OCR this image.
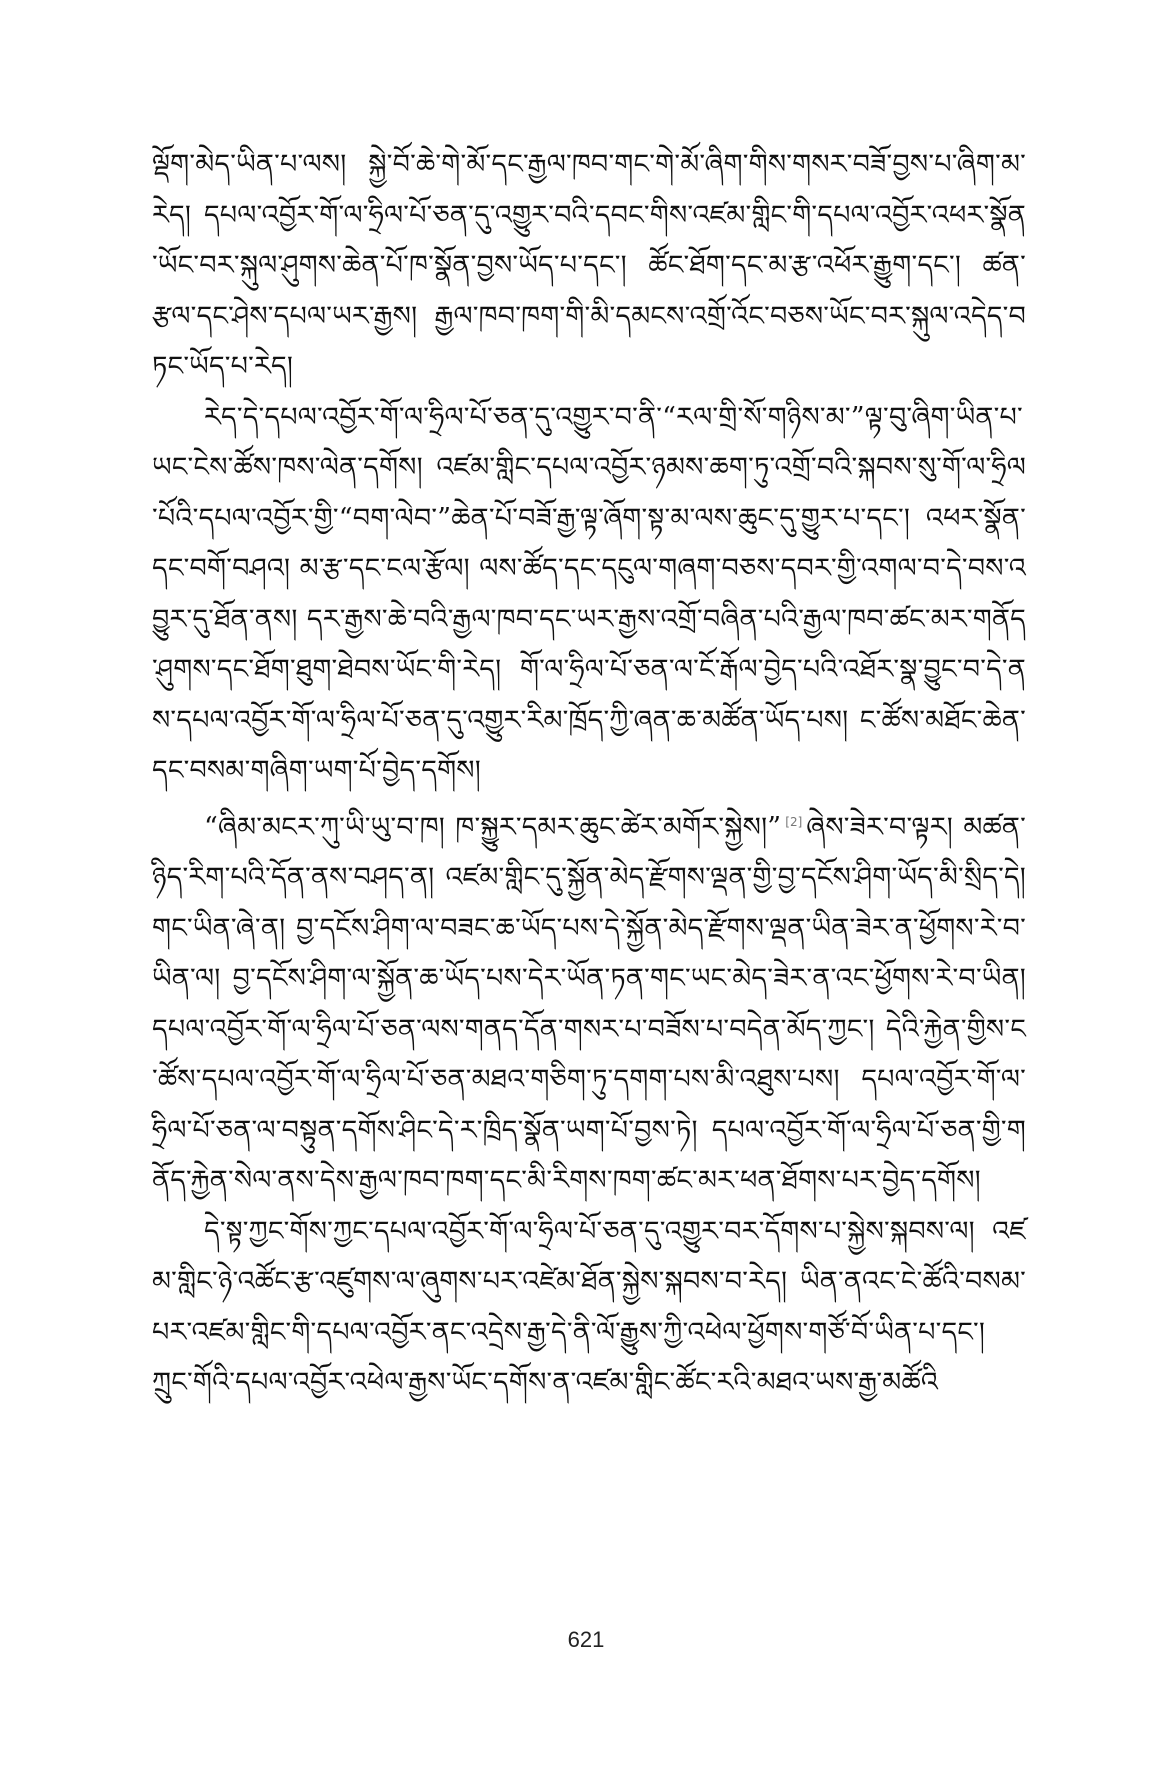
ལྡོག་མེད་ཡིན་པ་ལས། སྐྱེ་བོ་ཆེ་གེ་མོ་དང་རྒྱལ་ཁབ་གང་གེ་མོ་ཞིག་གིས་གསར་བཟོ་བྱས་པ་ཞིག་མ་རེད། དཔལ་འབྱོར་གོ་ལ་ཧྲིལ་པོ་ཅན་དུ་འགྱུར་བའི་དབང་གིས་འཛམ་གླིང་གི་དཔལ་འབྱོར་འཕར་སྣོན་ཡོང་བར་སྐུལ་ཤུགས་ཆེན་པོ་ཁ་སྣོན་བྱས་ཡོད་པ་དང་། ཚོང་ཐོག་དང་མ་རྩ་འཕོར་རྒྱུག་དང་། ཚན་རྩལ་དང་ཤེས་དཔལ་ཡར་རྒྱས། རྒྱལ་ཁབ་ཁག་གི་མི་དམངས་འགྲོ་འོང་བཅས་ཡོང་བར་སྐུལ་འདེད་བཏང་ཡོད་པ་རེད།

རེད་དེ་དཔལ་འབྱོར་གོ་ལ་ཧྲིལ་པོ་ཅན་དུ་འགྱུར་བ་ནི་“རལ་གྲི་སོ་གཉིས་མ་”ལྟ་བུ་ཞིག་ཡིན་པ་ཡང་ངེས་ཚོས་ཁས་ལེན་དགོས། འཛམ་གླིང་དཔལ་འབྱོར་ཉམས་ཆག་ཏུ་འགྲོ་བའི་སྐབས་སུ་གོ་ལ་ཧྲིལ་པོའི་དཔལ་འབྱོར་གྱི་“བག་ལེབ་”ཆེན་པོ་བཟོ་རྒྱ་ལྟ་ཞོག་སྟ་མ་ལས་ཆུང་དུ་གྱུར་པ་དང་། འཕར་སྣོན་དང་བགོ་བཤའ། མ་རྩ་དང་ངལ་རྩོལ། ལས་ཚོད་དང་དངུལ་གཞག་བཅས་དབར་གྱི་འགལ་བ་དེ་བས་འབྱུར་དུ་ཐོན་ནས། དར་རྒྱས་ཆེ་བའི་རྒྱལ་ཁབ་དང་ཡར་རྒྱས་འགྲོ་བཞིན་པའི་རྒྱལ་ཁབ་ཚང་མར་གནོད་ཤུགས་དང་ཐོག་ཐུག་ཐེབས་ཡོང་གི་རེད། གོ་ལ་ཧྲིལ་པོ་ཅན་ལ་ངོ་རྒོལ་བྱེད་པའི་འཐོར་སྣ་བྱུང་བ་དེ་ནས་དཔལ་འབྱོར་གོ་ལ་ཧྲིལ་པོ་ཅན་དུ་འགྱུར་རིམ་ཁྲོད་ཀྱི་ཞན་ཆ་མཚོན་ཡོད་པས། ང་ཚོས་མཐོང་ཆེན་དང་བསམ་གཞིག་ཡག་པོ་བྱེད་དགོས།

“ཞིམ་མངར་ཀུ་ཡི་ཡུ་བ་ཁ། ཁ་སྐྱུར་དམར་ཆུང་ཚེར་མགོར་སྐྱེས།” [2] ཞེས་ཟེར་བ་ལྟར། མཚན་ཉིད་རིག་པའི་དོན་ནས་བཤད་ན། འཛམ་གླིང་དུ་སྐྱོན་མེད་རྫོགས་ལྡན་གྱི་བྱ་དངོས་ཤིག་ཡོད་མི་སྲིད་དེ། གང་ཡིན་ཞེ་ན། བྱ་དངོས་ཤིག་ལ་བཟང་ཆ་ཡོད་པས་དེ་སྐྱོན་མེད་རྫོགས་ལྡན་ཡིན་ཟེར་ན་ཕྱོགས་རེ་བ་ཡིན་ལ། བྱ་དངོས་ཤིག་ལ་སྐྱོན་ཆ་ཡོད་པས་དེར་ཡོན་ཏན་གང་ཡང་མེད་ཟེར་ན་འང་ཕྱོགས་རེ་བ་ཡིན། དཔལ་འབྱོར་གོ་ལ་ཧྲིལ་པོ་ཅན་ལས་གནད་དོན་གསར་པ་བཟོས་པ་བདེན་མོད་ཀྱང་། དེའི་རྐྱེན་གྱིས་ང་ཚོས་དཔལ་འབྱོར་གོ་ལ་ཧྲིལ་པོ་ཅན་མཐའ་གཅིག་ཏུ་དགག་པས་མི་འཐུས་པས། དཔལ་འབྱོར་གོ་ལ་ཧྲིལ་པོ་ཅན་ལ་བསྟུན་དགོས་ཤིང་དེ་ར་ཁྲིད་སྣོན་ཡག་པོ་བྱས་ཏེ། དཔལ་འབྱོར་གོ་ལ་ཧྲིལ་པོ་ཅན་གྱི་གནོད་རྐྱེན་སེལ་ནས་དེས་རྒྱལ་ཁབ་ཁག་དང་མི་རིགས་ཁག་ཚང་མར་ཕན་ཐོགས་པར་བྱེད་དགོས།

དེ་སྟ་ཀྱང་གོས་ཀྱང་དཔལ་འབྱོར་གོ་ལ་ཧྲིལ་པོ་ཅན་དུ་འགྱུར་བར་དོགས་པ་སྐྱེས་སྐབས་ལ། འཛམ་གླིང་ཉེ་འཚོང་རྩ་འཛུགས་ལ་ཞུགས་པར་འཛེམ་ཐོན་སྐྱེས་སྐབས་བ་རེད། ཡིན་ནའང་ངེ་ཚོའི་བསམ་པར་འཛམ་གླིང་གི་དཔལ་འབྱོར་ནང་འདྲེས་རྒྱ་དེ་ནི་ལོ་རྒྱུས་ཀྱི་འཕེལ་ཕྱོགས་གཙོ་བོ་ཡིན་པ་དང་། ཀྲུང་གོའི་དཔལ་འབྱོར་འཕེལ་རྒྱས་ཡོང་དགོས་ན་འཛམ་གླིང་ཚོང་རའི་མཐའ་ཡས་རྒྱ་མཚོའི

621
